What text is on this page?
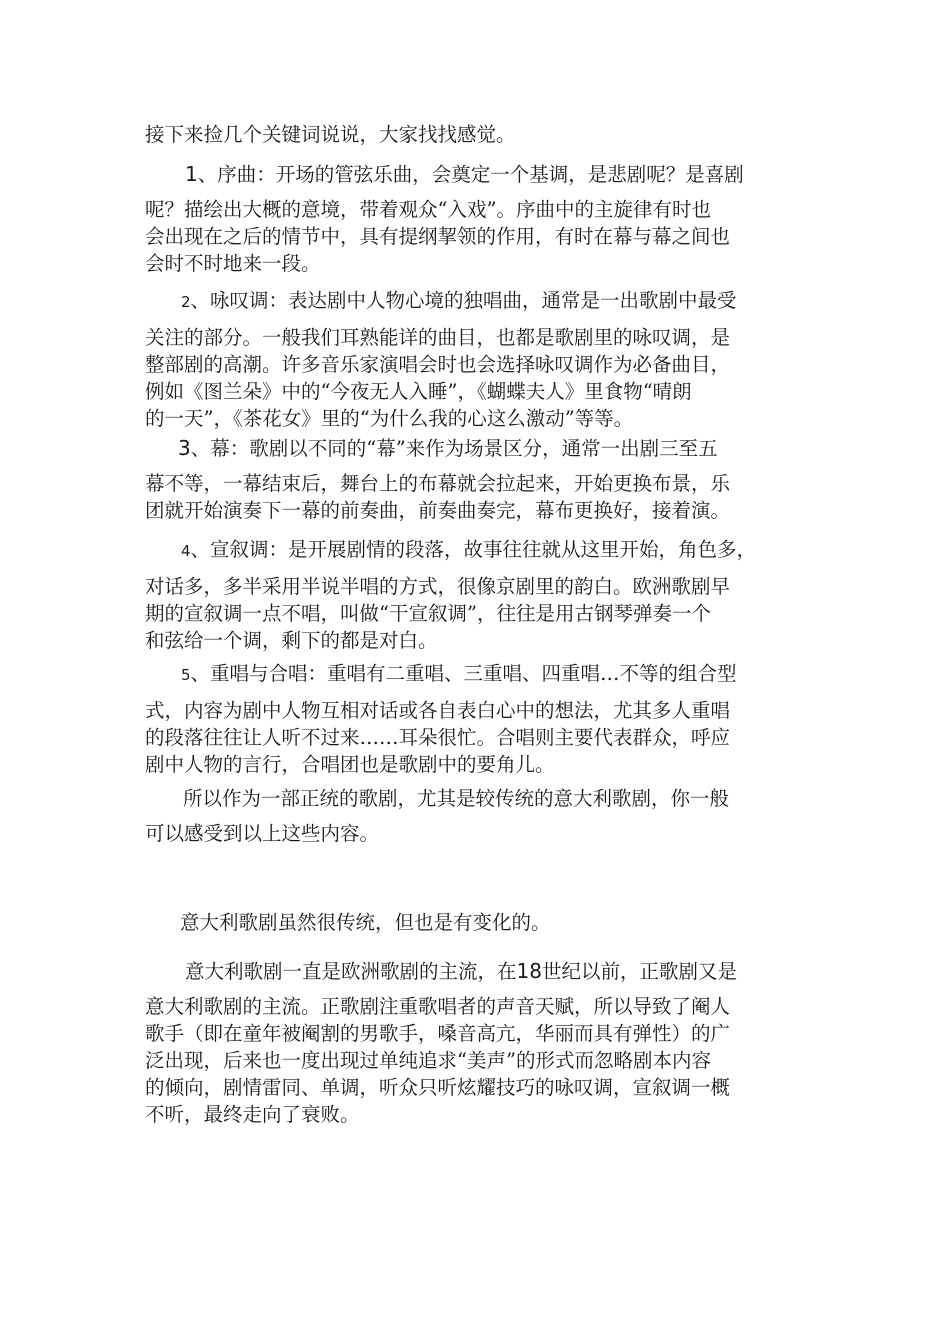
接下来捡几个关键词说说，大家找找感觉。

1、序曲：开场的管弦乐曲，会奠定一个基调，是悲剧呢？是喜剧
呢？描绘出大概的意境，带着观众“入戏”。序曲中的主旋律有时也
会出现在之后的情节中，具有提纲挈领的作用，有时在幕与幕之间也
会时不时地来一段。

2、咏叹调：表达剧中人物心境的独唱曲，通常是一出歌剧中最受
关注的部分。一般我们耳熟能详的曲目，也都是歌剧里的咏叹调，是
整部剧的高潮。许多音乐家演唱会时也会选择咏叹调作为必备曲目，
例如《图兰朵》中的“今夜无人入睡”，《蝴蝶夫人》里食物“晴朗
的一天”，《茶花女》里的“为什么我的心这么激动”等等。

3、幕：歌剧以不同的“幕”来作为场景区分，通常一出剧三至五
幕不等，一幕结束后，舞台上的布幕就会拉起来，开始更换布景，乐
团就开始演奏下一幕的前奏曲，前奏曲奏完，幕布更换好，接着演。

4、宣叙调：是开展剧情的段落，故事往往就从这里开始，角色多，
对话多，多半采用半说半唱的方式，很像京剧里的韵白。欧洲歌剧早
期的宣叙调一点不唱，叫做“干宣叙调”，往往是用古钢琴弹奏一个
和弦给一个调，剩下的都是对白。

5、重唱与合唱：重唱有二重唱、三重唱、四重唱…不等的组合型
式，内容为剧中人物互相对话或各自表白心中的想法，尤其多人重唱
的段落往往让人听不过来……耳朵很忙。合唱则主要代表群众，呼应
剧中人物的言行，合唱团也是歌剧中的要角儿。

所以作为一部正统的歌剧，尤其是较传统的意大利歌剧，你一般
可以感受到以上这些内容。

意大利歌剧虽然很传统，但也是有变化的。

意大利歌剧一直是欧洲歌剧的主流，在18世纪以前，正歌剧又是
意大利歌剧的主流。正歌剧注重歌唱者的声音天赋，所以导致了阉人
歌手（即在童年被阉割的男歌手，嗓音高亢，华丽而具有弹性）的广
泛出现，后来也一度出现过单纯追求“美声”的形式而忽略剧本内容
的倾向，剧情雷同、单调，听众只听炫耀技巧的咏叹调，宣叙调一概
不听，最终走向了衰败。
